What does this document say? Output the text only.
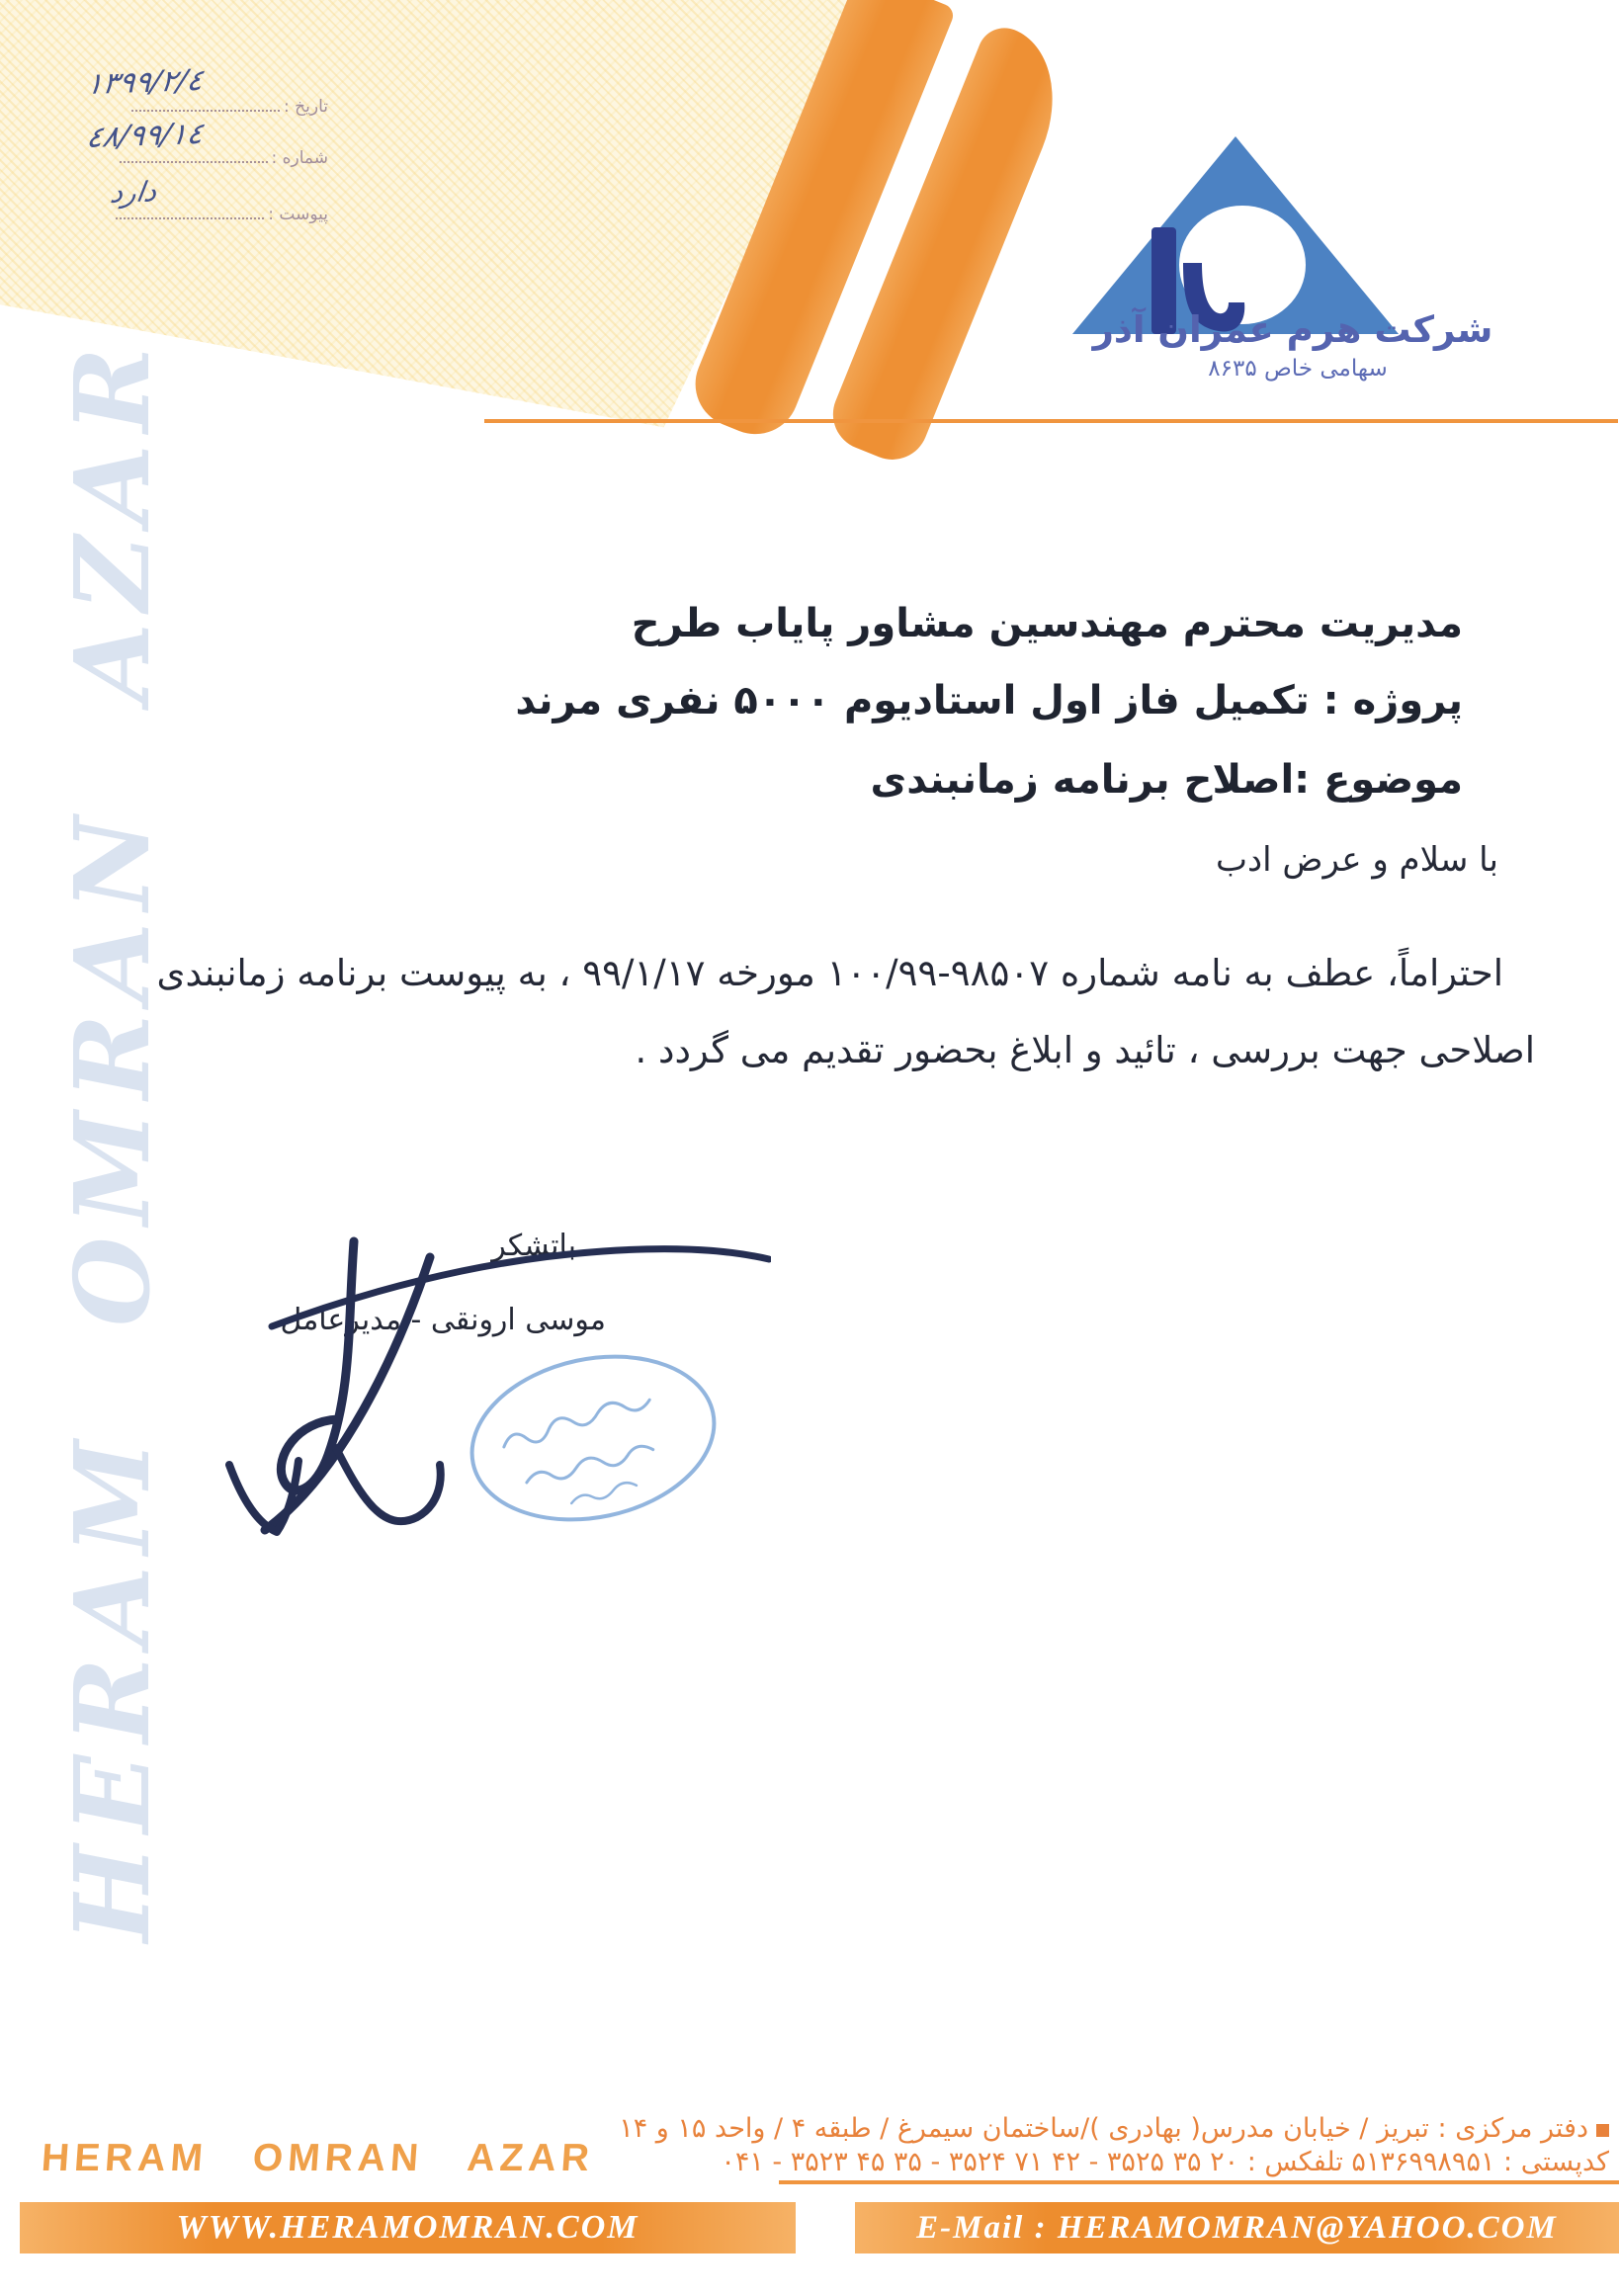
شرکت هرم عمران آذر
سهامی خاص ۸۶۳۵
۱۳۹۹/۲/٤
تاریخ :
٤۸/۹۹/۱٤
شماره :
دارد
پیوست :
HERAM OMRAN AZAR	مدیریت محترم مهندسین مشاور پایاب طرح
پروژه : تکمیل فاز اول استادیوم ۵۰۰۰ نفری مرند
موضوع :اصلاح برنامه زمانبندی
با سلام و عرض ادب
احتراماً، عطف به نامه شماره ۱۰۰/۹۹-۹۸۵۰۷ مورخه ۹۹/۱/۱۷ ، به پیوست برنامه زمانبندی
اصلاحی جهت بررسی ، تائید و ابلاغ بحضور تقدیم می گردد .
باتشکر
موسی ارونقی - مدیرعامل
دفتر مرکزی : تبریز / خیابان مدرس( بهادری )/ساختمان سیمرغ / طبقه ۴ / واحد ۱۵ و ۱۴
کدپستی : ۵۱۳۶۹۹۸۹۵۱ تلفکس : ۰۴۱ - ۳۵۲۳ ۴۵ ۳۵ - ۳۵۲۴ ۷۱ ۴۲ - ۳۵۲۵ ۳۵ ۲۰
HERAM OMRAN AZAR
WWW.HERAMOMRAN.COM	E-Mail : HERAMOMRAN@YAHOO.COM
